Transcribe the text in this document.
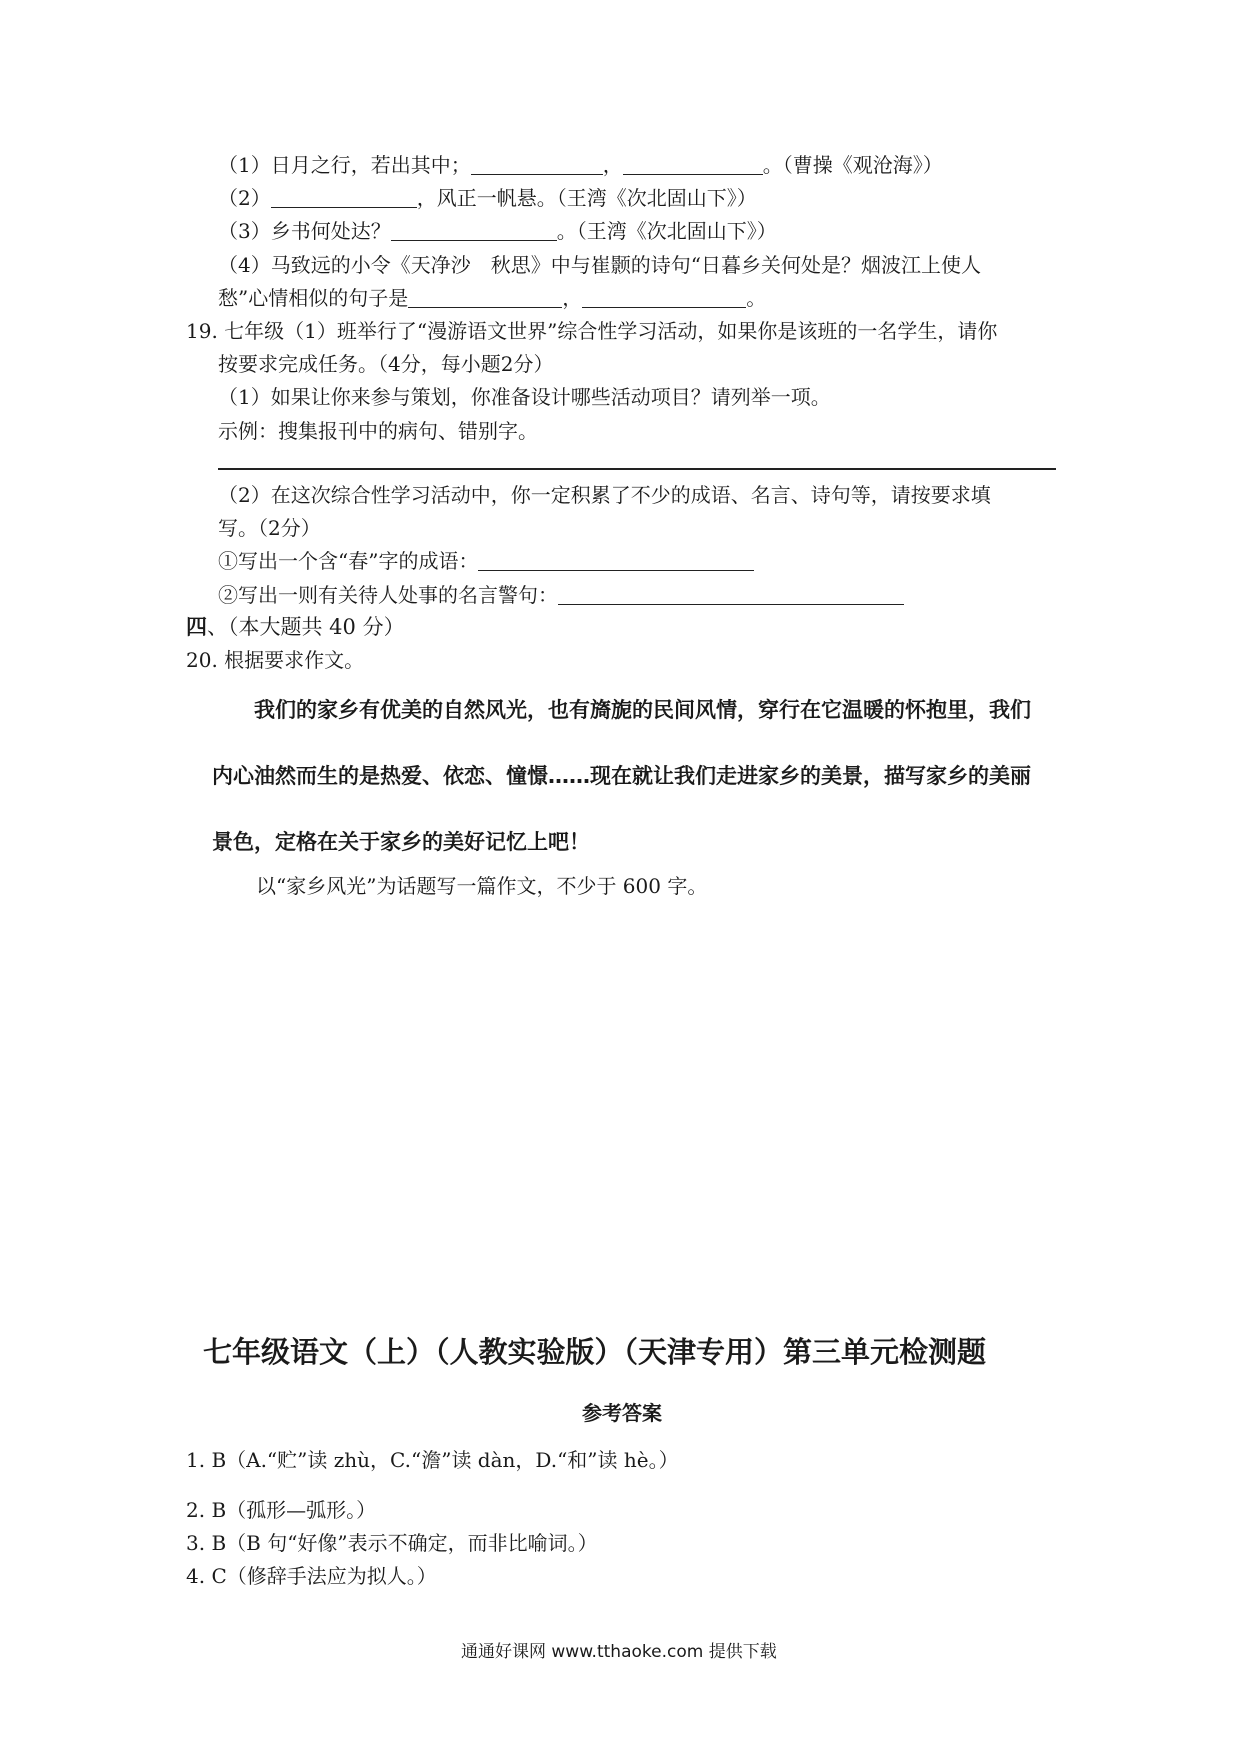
（1）日月之行，若出其中；	，	。（曹操《观沧海》）
（2）	，风正一帆悬。（王湾《次北固山下》）
（3）乡书何处达？	。（王湾《次北固山下》）
（4）马致远的小令《天净沙　秋思》中与崔颢的诗句“日暮乡关何处是？烟波江上使人
愁”心情相似的句子是	，	。
19. 七年级（1）班举行了“漫游语文世界”综合性学习活动，如果你是该班的一名学生，请你
按要求完成任务。（4分，每小题2分）
（1）如果让你来参与策划，你准备设计哪些活动项目？请列举一项。
示例：搜集报刊中的病句、错别字。
（2）在这次综合性学习活动中，你一定积累了不少的成语、名言、诗句等，请按要求填
写。（2分）
①写出一个含“春”字的成语：
②写出一则有关待人处事的名言警句：
四、（本大题共 40 分）
20. 根据要求作文。
我们的家乡有优美的自然风光，也有旖旎的民间风情，穿行在它温暖的怀抱里，我们
内心油然而生的是热爱、依恋、憧憬……现在就让我们走进家乡的美景，描写家乡的美丽
景色，定格在关于家乡的美好记忆上吧！
以“家乡风光”为话题写一篇作文，不少于 600 字。
七年级语文（上）（人教实验版）（天津专用）第三单元检测题
参考答案
1. B（A.“贮”读 zhù，C.“澹”读 dàn，D.“和”读 hè。）
2. B（孤形—弧形。）
3. B（B 句“好像”表示不确定，而非比喻词。）
4. C（修辞手法应为拟人。）
通通好课网 www.tthaoke.com 提供下载
